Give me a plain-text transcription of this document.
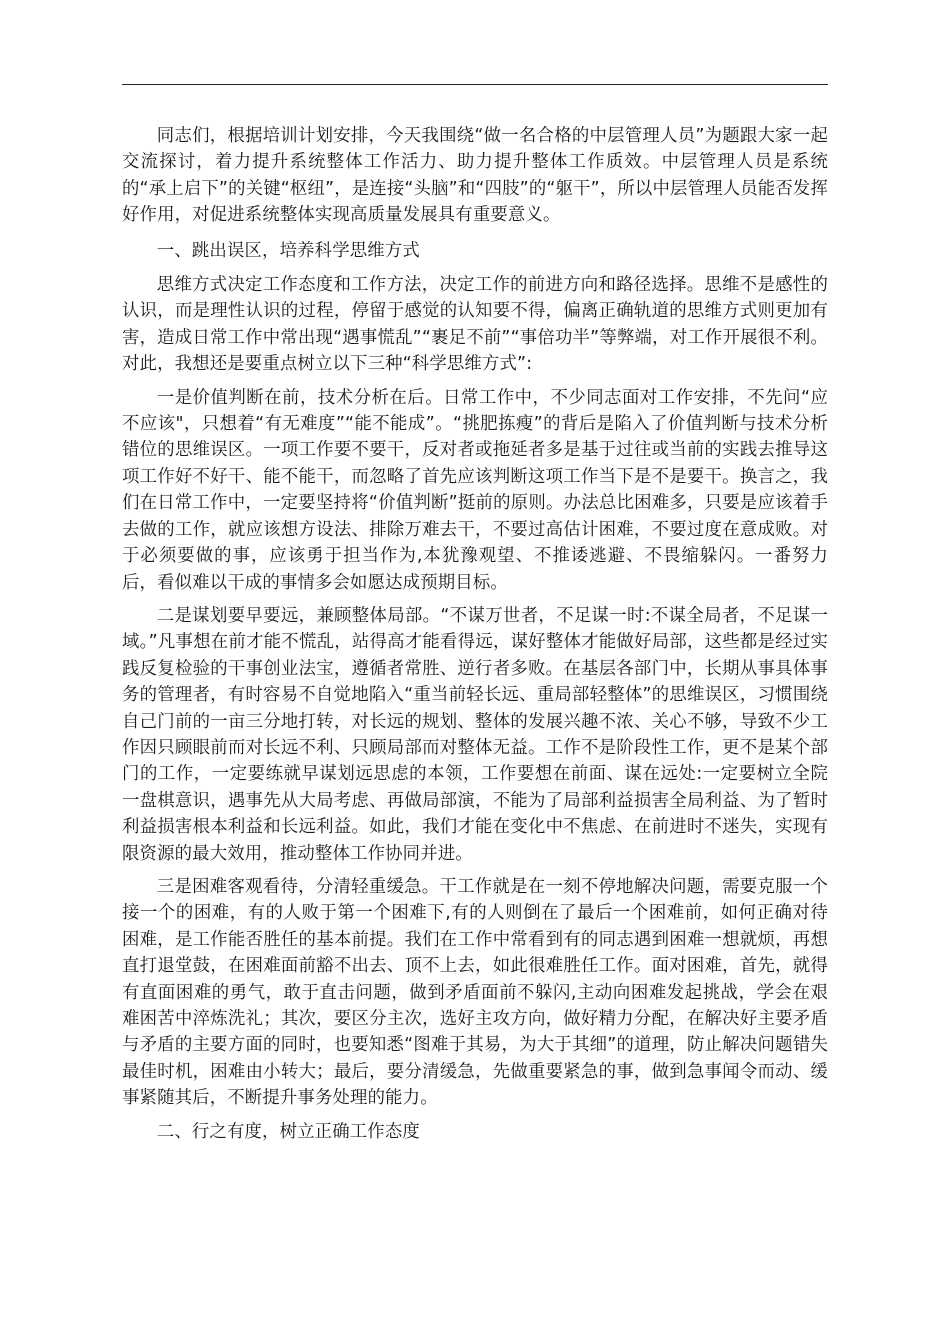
同志们，根据培训计划安排，今天我围绕“做一名合格的中层管理人员”为题跟大家一起交流探讨，着力提升系统整体工作活力、助力提升整体工作质效。中层管理人员是系统的“承上启下”的关键“枢纽”，是连接“头脑”和“四肢”的“躯干”，所以中层管理人员能否发挥好作用，对促进系统整体实现高质量发展具有重要意义。

一、跳出误区，培养科学思维方式

思维方式决定工作态度和工作方法，决定工作的前进方向和路径选择。思维不是感性的认识，而是理性认识的过程，停留于感觉的认知要不得，偏离正确轨道的思维方式则更加有害，造成日常工作中常出现“遇事慌乱”“裹足不前”“事倍功半”等弊端，对工作开展很不利。对此，我想还是要重点树立以下三种“科学思维方式”:

一是价值判断在前，技术分析在后。日常工作中，不少同志面对工作安排，不先问“应不应该"，只想着“有无难度”“能不能成”。“挑肥拣瘦”的背后是陷入了价值判断与技术分析错位的思维误区。一项工作要不要干，反对者或拖延者多是基于过往或当前的实践去推导这项工作好不好干、能不能干，而忽略了首先应该判断这项工作当下是不是要干。换言之，我们在日常工作中，一定要坚持将“价值判断”挺前的原则。办法总比困难多，只要是应该着手去做的工作，就应该想方设法、排除万难去干，不要过高估计困难，不要过度在意成败。对于必须要做的事，应该勇于担当作为,本犹豫观望、不推诿逃避、不畏缩躲闪。一番努力后，看似难以干成的事情多会如愿达成预期目标。

二是谋划要早要远，兼顾整体局部。“不谋万世者，不足谋一时:不谋全局者，不足谋一域。”凡事想在前才能不慌乱，站得高才能看得远，谋好整体才能做好局部，这些都是经过实践反复检验的干事创业法宝，遵循者常胜、逆行者多败。在基层各部门中，长期从事具体事务的管理者，有时容易不自觉地陷入“重当前轻长远、重局部轻整体”的思维误区，习惯围绕自己门前的一亩三分地打转，对长远的规划、整体的发展兴趣不浓、关心不够，导致不少工作因只顾眼前而对长远不利、只顾局部而对整体无益。工作不是阶段性工作，更不是某个部门的工作，一定要练就早谋划远思虑的本领，工作要想在前面、谋在远处:一定要树立全院一盘棋意识，遇事先从大局考虑、再做局部演，不能为了局部利益损害全局利益、为了暂时利益损害根本利益和长远利益。如此，我们才能在变化中不焦虑、在前进时不迷失，实现有限资源的最大效用，推动整体工作协同并进。

三是困难客观看待，分清轻重缓急。干工作就是在一刻不停地解决问题，需要克服一个接一个的困难，有的人败于第一个困难下,有的人则倒在了最后一个困难前，如何正确对待困难，是工作能否胜任的基本前提。我们在工作中常看到有的同志遇到困难一想就烦，再想直打退堂鼓，在困难面前豁不出去、顶不上去，如此很难胜任工作。面对困难，首先，就得有直面困难的勇气，敢于直击问题，做到矛盾面前不躲闪,主动向困难发起挑战，学会在艰难困苦中淬炼洗礼；其次，要区分主次，选好主攻方向，做好精力分配，在解决好主要矛盾与矛盾的主要方面的同时，也要知悉“图难于其易，为大于其细”的道理，防止解决问题错失最佳时机，困难由小转大；最后，要分清缓急，先做重要紧急的事，做到急事闻令而动、缓事紧随其后，不断提升事务处理的能力。

二、行之有度，树立正确工作态度
